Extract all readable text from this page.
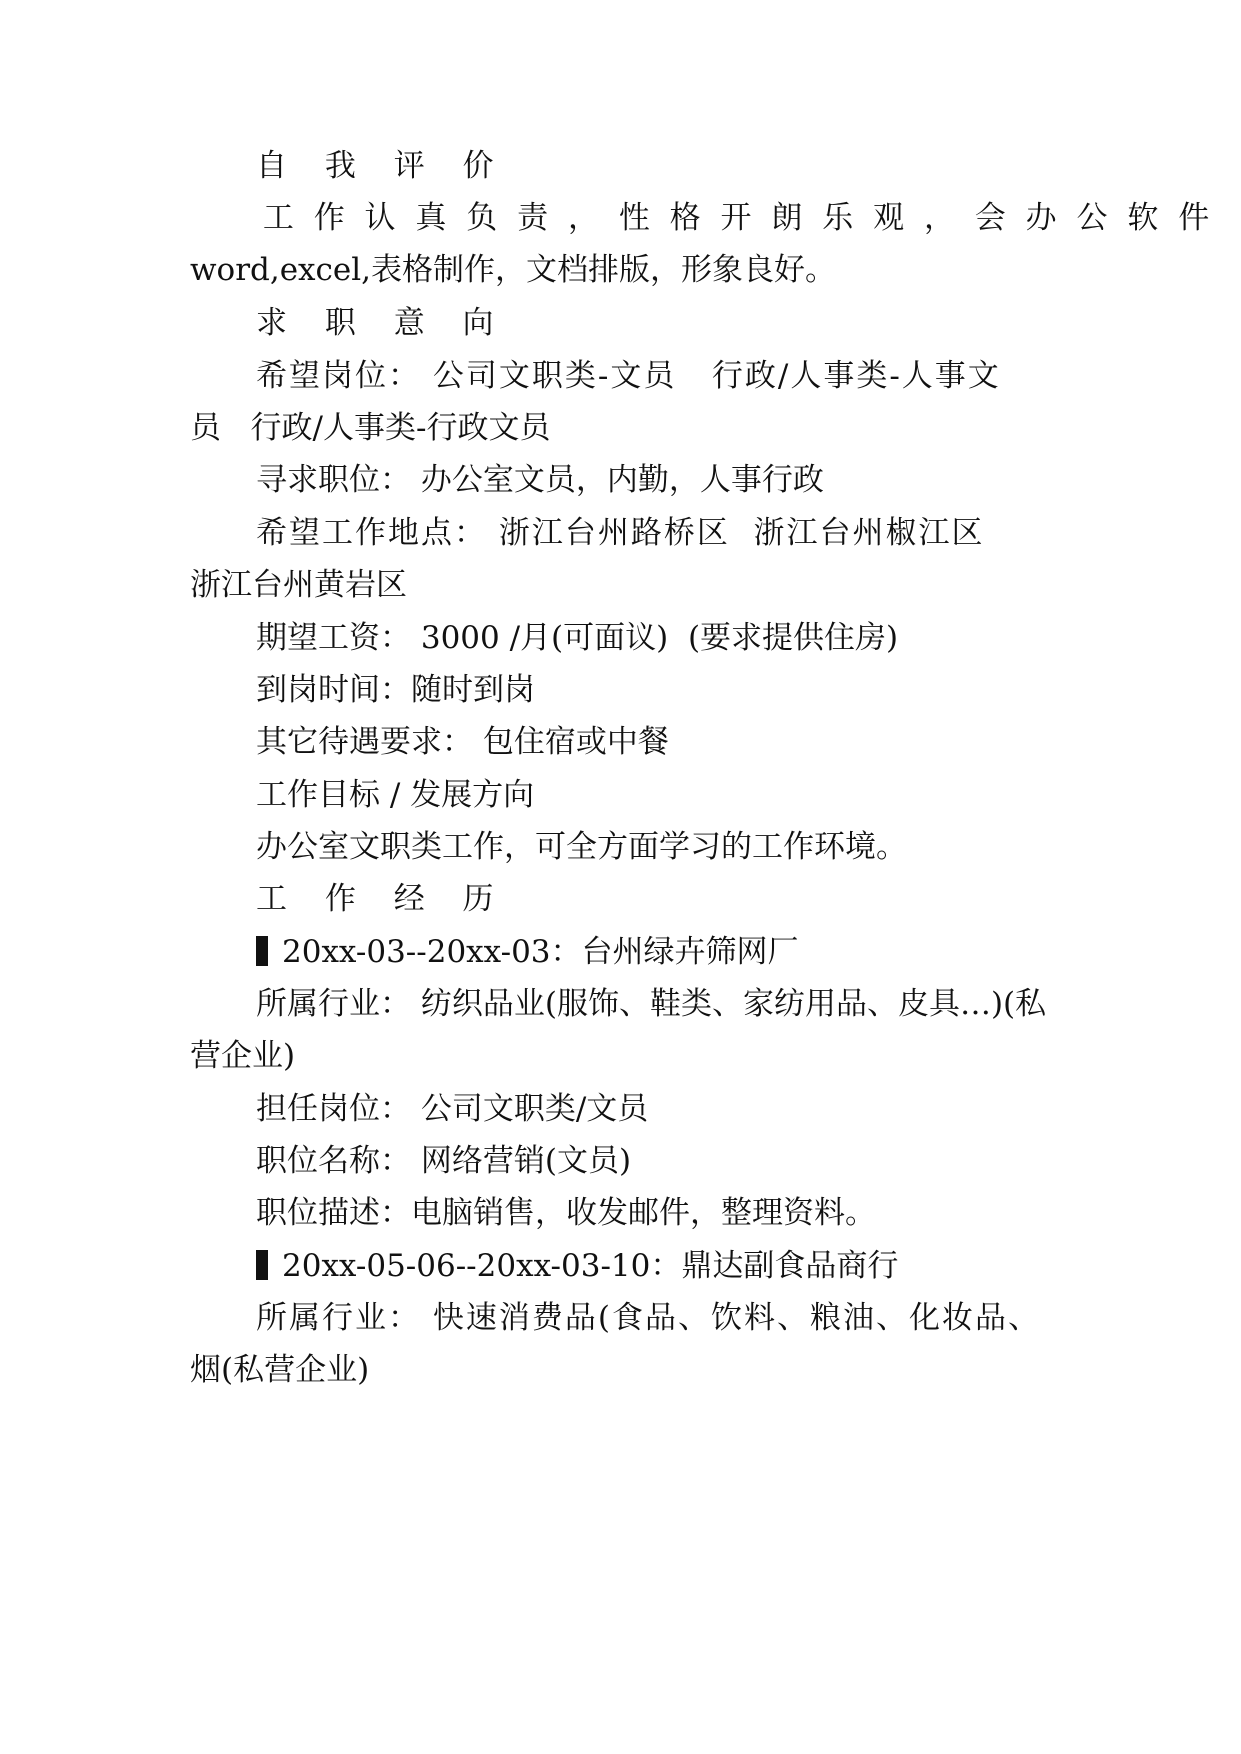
自 我 评 价
工 作 认 真 负 责 ， 性 格 开 朗 乐 观 ， 会 办 公 软 件
word,excel,表格制作，文档排版，形象良好。
求 职 意 向
希望岗位： 公司文职类-文员   行政/人事类-人事文
员   行政/人事类-行政文员
寻求职位： 办公室文员，内勤，人事行政
希望工作地点： 浙江台州路桥区  浙江台州椒江区
浙江台州黄岩区
期望工资： 3000 /月(可面议)  (要求提供住房)
到岗时间：随时到岗
其它待遇要求： 包住宿或中餐
工作目标 / 发展方向
办公室文职类工作，可全方面学习的工作环境。
工 作 经 历
20xx-03--20xx-03：台州绿卉筛网厂
所属行业： 纺织品业(服饰、鞋类、家纺用品、皮具…)(私
营企业)
担任岗位： 公司文职类/文员
职位名称： 网络营销(文员)
职位描述：电脑销售，收发邮件，整理资料。
20xx-05-06--20xx-03-10：鼎达副食品商行
所属行业： 快速消费品(食品、饮料、粮油、化妆品、
烟(私营企业)
